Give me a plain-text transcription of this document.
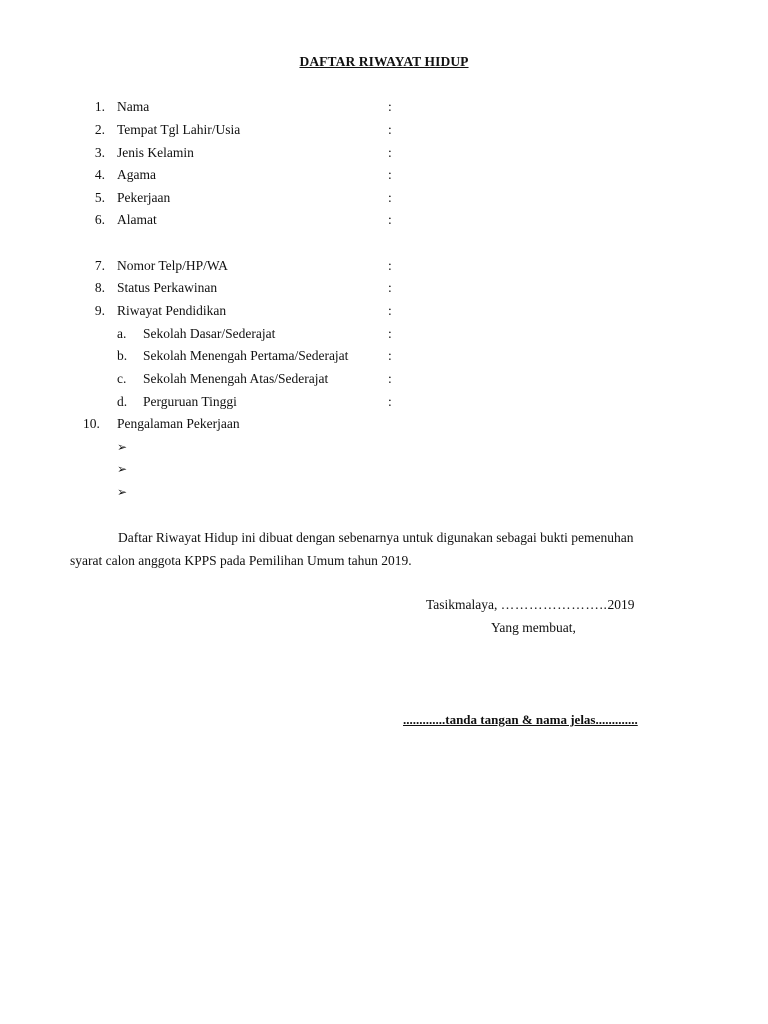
DAFTAR RIWAYAT HIDUP
1. Nama	:
2. Tempat Tgl Lahir/Usia	:
3. Jenis Kelamin	:
4. Agama	:
5. Pekerjaan	:
6. Alamat	:
7. Nomor Telp/HP/WA	:
8. Status Perkawinan	:
9. Riwayat Pendidikan	:
a. Sekolah Dasar/Sederajat	:
b. Sekolah Menengah Pertama/Sederajat	:
c. Sekolah Menengah Atas/Sederajat	:
d. Perguruan Tinggi	:
10.	Pengalaman Pekerjaan
➢
➢
➢
Daftar Riwayat Hidup ini dibuat dengan sebenarnya untuk digunakan sebagai bukti pemenuhan
syarat calon anggota KPPS pada Pemilihan Umum tahun 2019.
Tasikmalaya, …………………..2019
Yang membuat,
.............tanda tangan & nama jelas.............
